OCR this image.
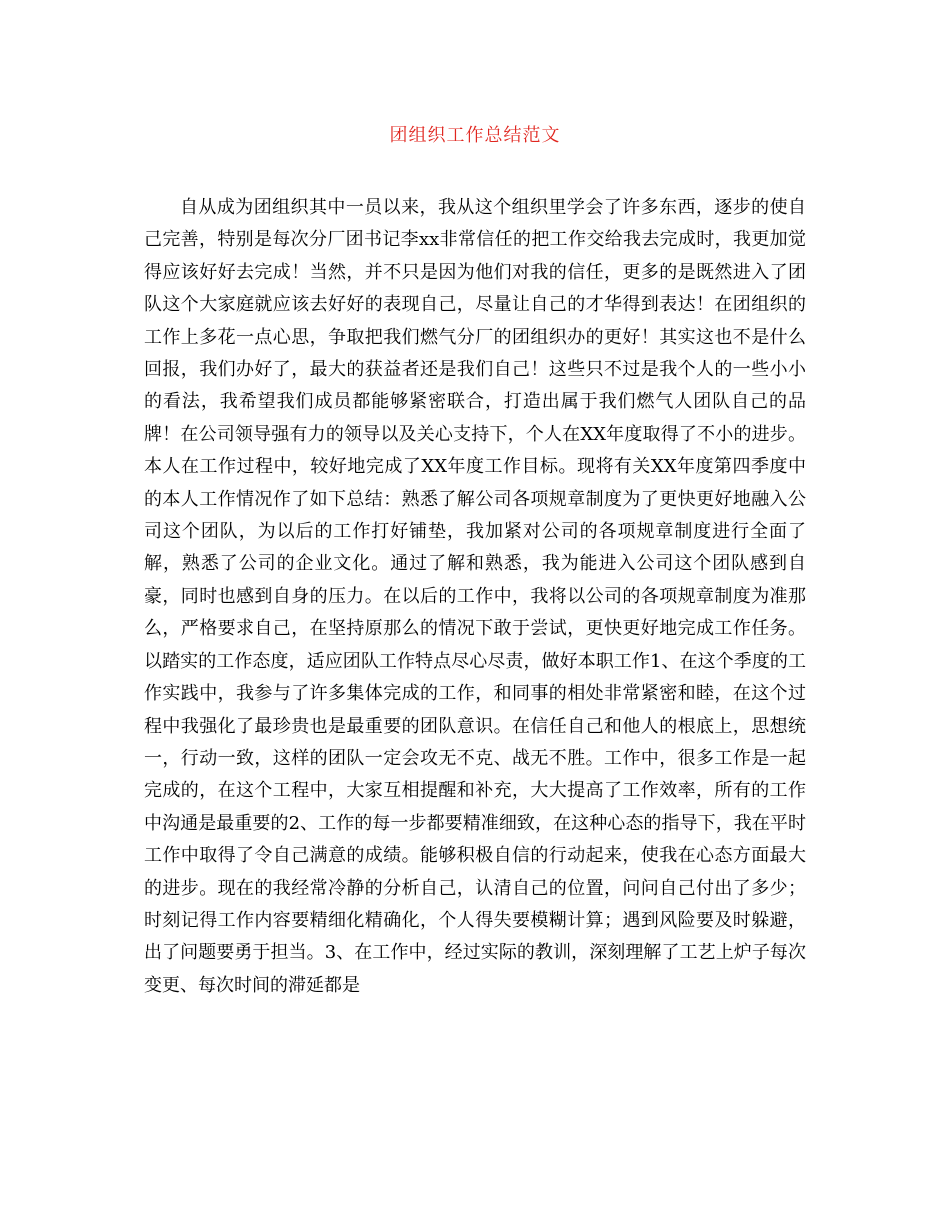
团组织工作总结范文

自从成为团组织其中一员以来，我从这个组织里学会了许多东西，逐步的使自己完善，特别是每次分厂团书记李xx非常信任的把工作交给我去完成时，我更加觉得应该好好去完成！当然，并不只是因为他们对我的信任，更多的是既然进入了团队这个大家庭就应该去好好的表现自己，尽量让自己的才华得到表达！在团组织的工作上多花一点心思，争取把我们燃气分厂的团组织办的更好！其实这也不是什么回报，我们办好了，最大的获益者还是我们自己！这些只不过是我个人的一些小小的看法，我希望我们成员都能够紧密联合，打造出属于我们燃气人团队自己的品牌！在公司领导强有力的领导以及关心支持下，个人在XX年度取得了不小的进步。本人在工作过程中，较好地完成了XX年度工作目标。现将有关XX年度第四季度中的本人工作情况作了如下总结：熟悉了解公司各项规章制度为了更快更好地融入公司这个团队，为以后的工作打好铺垫，我加紧对公司的各项规章制度进行全面了解，熟悉了公司的企业文化。通过了解和熟悉，我为能进入公司这个团队感到自豪，同时也感到自身的压力。在以后的工作中，我将以公司的各项规章制度为准那么，严格要求自己，在坚持原那么的情况下敢于尝试，更快更好地完成工作任务。以踏实的工作态度，适应团队工作特点尽心尽责，做好本职工作1、在这个季度的工作实践中，我参与了许多集体完成的工作，和同事的相处非常紧密和睦，在这个过程中我强化了最珍贵也是最重要的团队意识。在信任自己和他人的根底上，思想统一，行动一致，这样的团队一定会攻无不克、战无不胜。工作中，很多工作是一起完成的，在这个工程中，大家互相提醒和补充，大大提高了工作效率，所有的工作中沟通是最重要的2、工作的每一步都要精准细致，在这种心态的指导下，我在平时工作中取得了令自己满意的成绩。能够积极自信的行动起来，使我在心态方面最大的进步。现在的我经常冷静的分析自己，认清自己的位置，问问自己付出了多少；时刻记得工作内容要精细化精确化，个人得失要模糊计算；遇到风险要及时躲避，出了问题要勇于担当。3、在工作中，经过实际的教训，深刻理解了工艺上炉子每次变更、每次时间的滞延都是
